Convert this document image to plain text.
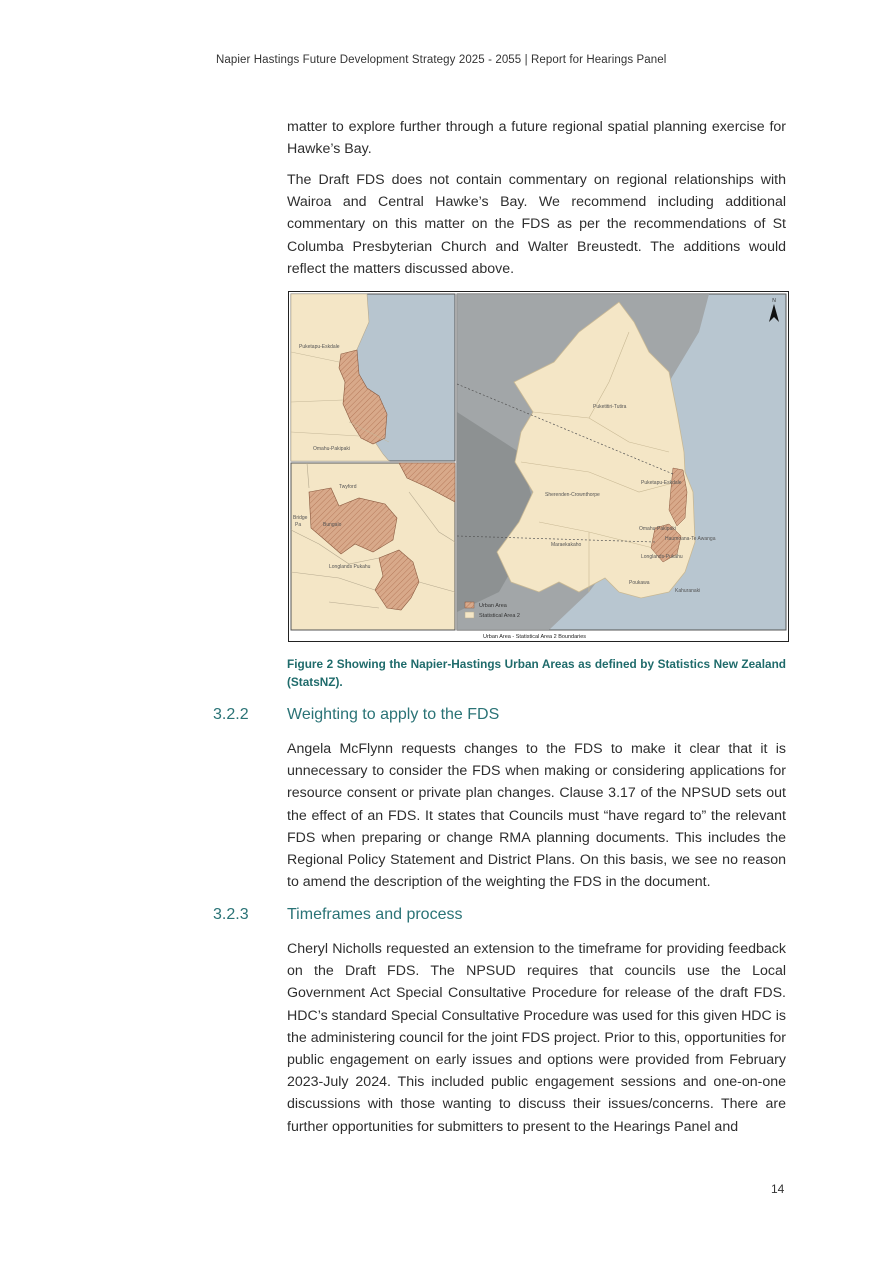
Napier Hastings Future Development Strategy 2025 - 2055 | Report for Hearings Panel

matter to explore further through a future regional spatial planning exercise for Hawke’s Bay.

The Draft FDS does not contain commentary on regional relationships with Wairoa and Central Hawke’s Bay. We recommend including additional commentary on this matter on the FDS as per the recommendations of St Columba Presbyterian Church and Walter Breustedt. The additions would reflect the matters discussed above.

Puketapu-Eskdale
Omahu-Pakipaki
Twyford
Bridge
Pa	Bungalo
Longlands Pukahu
Puketitiri-Tutira
Puketapu-Eskdale
Sherenden-Crownthorpe
Maraekakaho
Omahu-Pakipaki
Haumoana-Te Awanga
Longlands-Pukahu
Poukawa
Kahuranaki
N
Urban Area
Statistical Area 2
Urban Area - Statistical Area 2 Boundaries
Figure 2 Showing the Napier-Hastings Urban Areas as defined by Statistics New Zealand (StatsNZ).
3.2.2 Weighting to apply to the FDS

Angela McFlynn requests changes to the FDS to make it clear that it is unnecessary to consider the FDS when making or considering applications for resource consent or private plan changes. Clause 3.17 of the NPSUD sets out the effect of an FDS. It states that Councils must “have regard to” the relevant FDS when preparing or change RMA planning documents. This includes the Regional Policy Statement and District Plans. On this basis, we see no reason to amend the description of the weighting the FDS in the document.

3.2.3 Timeframes and process

Cheryl Nicholls requested an extension to the timeframe for providing feedback on the Draft FDS. The NPSUD requires that councils use the Local Government Act Special Consultative Procedure for release of the draft FDS. HDC’s standard Special Consultative Procedure was used for this given HDC is the administering council for the joint FDS project. Prior to this, opportunities for public engagement on early issues and options were provided from February 2023-July 2024. This included public engagement sessions and one-on-one discussions with those wanting to discuss their issues/concerns. There are further opportunities for submitters to present to the Hearings Panel and

14
